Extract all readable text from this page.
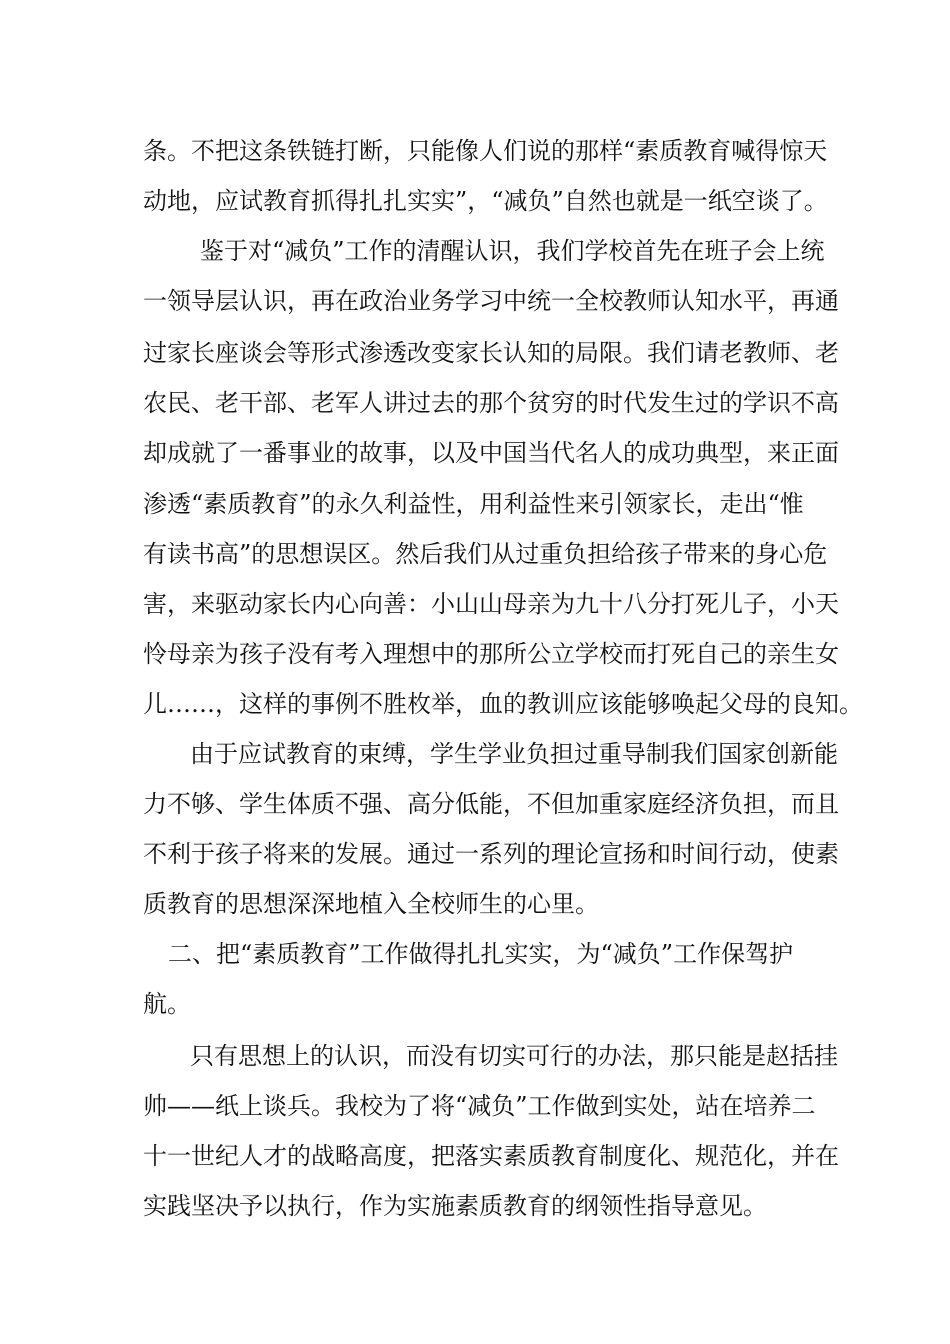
条。不把这条铁链打断，只能像人们说的那样“素质教育喊得惊天
动地，应试教育抓得扎扎实实”，“减负”自然也就是一纸空谈了。
鉴于对“减负”工作的清醒认识，我们学校首先在班子会上统
一领导层认识，再在政治业务学习中统一全校教师认知水平，再通
过家长座谈会等形式渗透改变家长认知的局限。我们请老教师、老
农民、老干部、老军人讲过去的那个贫穷的时代发生过的学识不高
却成就了一番事业的故事，以及中国当代名人的成功典型，来正面
渗透“素质教育”的永久利益性，用利益性来引领家长，走出“惟
有读书高”的思想误区。然后我们从过重负担给孩子带来的身心危
害，来驱动家长内心向善：小山山母亲为九十八分打死儿子，小天
怜母亲为孩子没有考入理想中的那所公立学校而打死自己的亲生女
儿……，这样的事例不胜枚举，血的教训应该能够唤起父母的良知。
由于应试教育的束缚，学生学业负担过重导制我们国家创新能
力不够、学生体质不强、高分低能，不但加重家庭经济负担，而且
不利于孩子将来的发展。通过一系列的理论宣扬和时间行动，使素
质教育的思想深深地植入全校师生的心里。
二、把“素质教育”工作做得扎扎实实，为“减负”工作保驾护
航。
只有思想上的认识，而没有切实可行的办法，那只能是赵括挂
帅——纸上谈兵。我校为了将“减负”工作做到实处，站在培养二
十一世纪人才的战略高度，把落实素质教育制度化、规范化，并在
实践坚决予以执行，作为实施素质教育的纲领性指导意见。
